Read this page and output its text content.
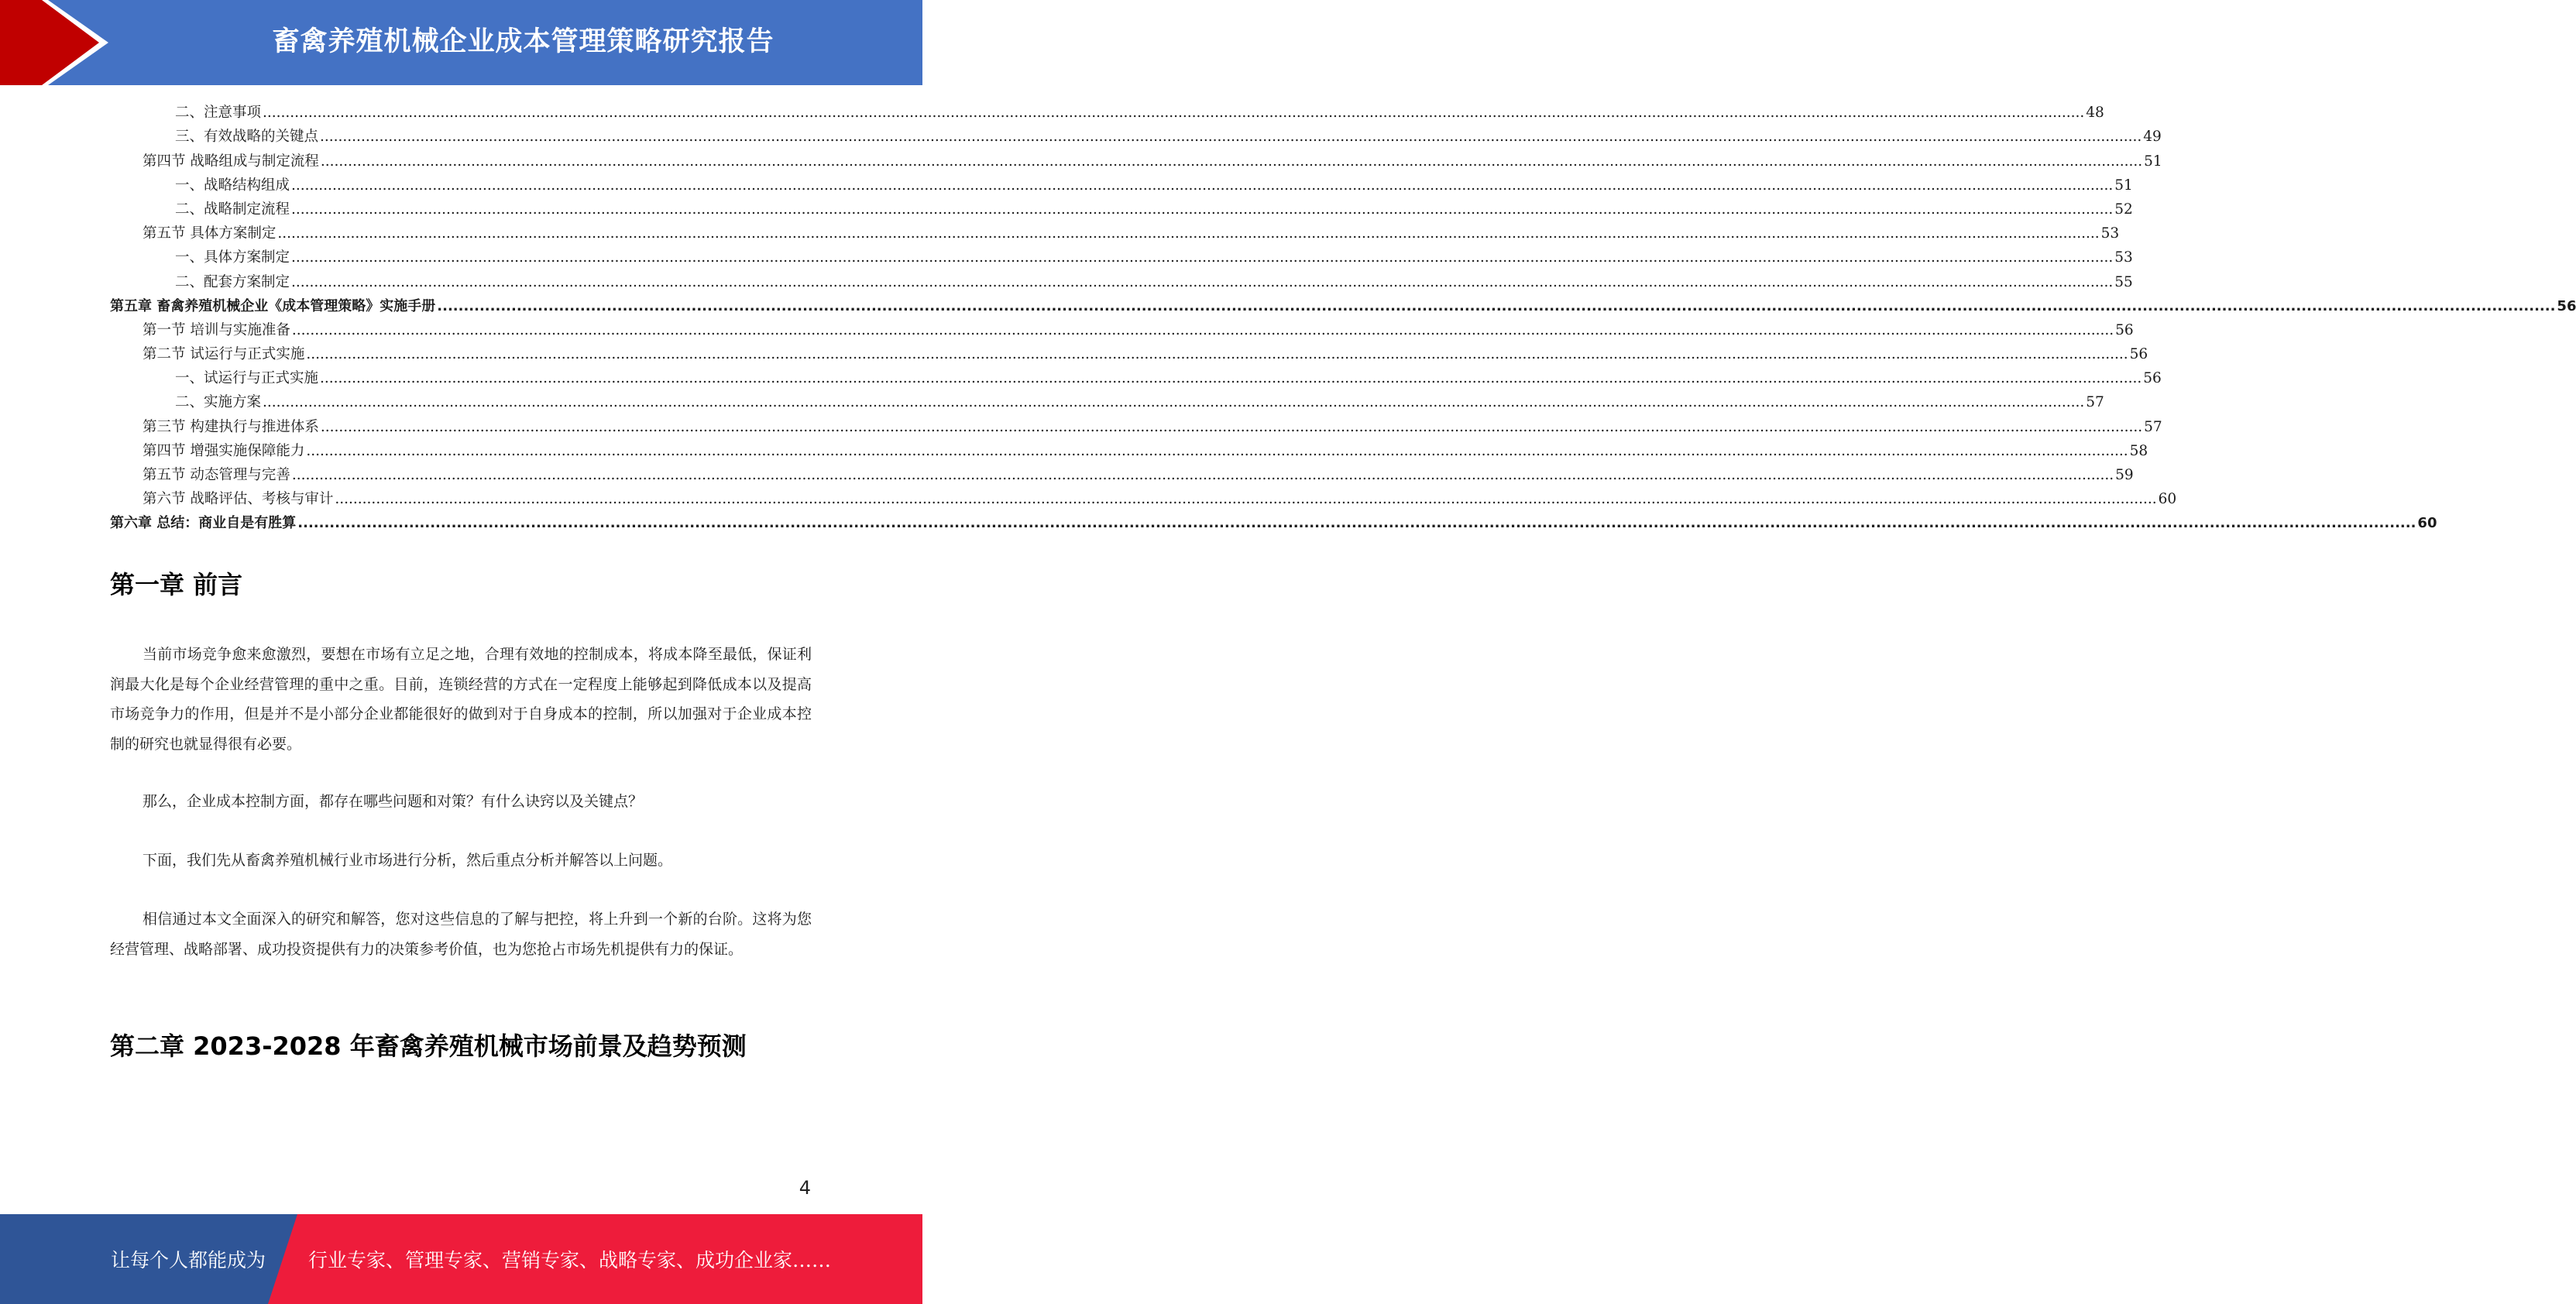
畜禽养殖机械企业成本管理策略研究报告
二、注意事项 ................................................................................................................................................................................................................................................................................................................................................................................................................ 48
三、有效战略的关键点 ................................................................................................................................................................................................................................................................................................................................................................................................................ 49
第四节 战略组成与制定流程 ................................................................................................................................................................................................................................................................................................................................................................................................................ 51
一、战略结构组成 ................................................................................................................................................................................................................................................................................................................................................................................................................ 51
二、战略制定流程 ................................................................................................................................................................................................................................................................................................................................................................................................................ 52
第五节 具体方案制定 ................................................................................................................................................................................................................................................................................................................................................................................................................ 53
一、具体方案制定 ................................................................................................................................................................................................................................................................................................................................................................................................................ 53
二、配套方案制定 ................................................................................................................................................................................................................................................................................................................................................................................................................ 55
第五章 畜禽养殖机械企业《成本管理策略》实施手册 ................................................................................................................................................................................................................................................................................................................................................................................................................ 56
第一节 培训与实施准备 ................................................................................................................................................................................................................................................................................................................................................................................................................ 56
第二节 试运行与正式实施 ................................................................................................................................................................................................................................................................................................................................................................................................................ 56
一、试运行与正式实施 ................................................................................................................................................................................................................................................................................................................................................................................................................ 56
二、实施方案 ................................................................................................................................................................................................................................................................................................................................................................................................................ 57
第三节 构建执行与推进体系 ................................................................................................................................................................................................................................................................................................................................................................................................................ 57
第四节 增强实施保障能力 ................................................................................................................................................................................................................................................................................................................................................................................................................ 58
第五节 动态管理与完善 ................................................................................................................................................................................................................................................................................................................................................................................................................ 59
第六节 战略评估、考核与审计 ................................................................................................................................................................................................................................................................................................................................................................................................................ 60
第六章 总结：商业自是有胜算 ................................................................................................................................................................................................................................................................................................................................................................................................................ 60
第一章 前言
当前市场竞争愈来愈激烈，要想在市场有立足之地，合理有效地的控制成本，将成本降至最低，保证利润最大化是每个企业经营管理的重中之重。目前，连锁经营的方式在一定程度上能够起到降低成本以及提高市场竞争力的作用，但是并不是小部分企业都能很好的做到对于自身成本的控制，所以加强对于企业成本控制的研究也就显得很有必要。
那么，企业成本控制方面，都存在哪些问题和对策？有什么诀窍以及关键点？
下面，我们先从畜禽养殖机械行业市场进行分析，然后重点分析并解答以上问题。
相信通过本文全面深入的研究和解答，您对这些信息的了解与把控，将上升到一个新的台阶。这将为您经营管理、战略部署、成功投资提供有力的决策参考价值，也为您抢占市场先机提供有力的保证。
第二章 2023-2028 年畜禽养殖机械市场前景及趋势预测
4
让每个人都能成为 行业专家、管理专家、营销专家、战略专家、成功企业家……
